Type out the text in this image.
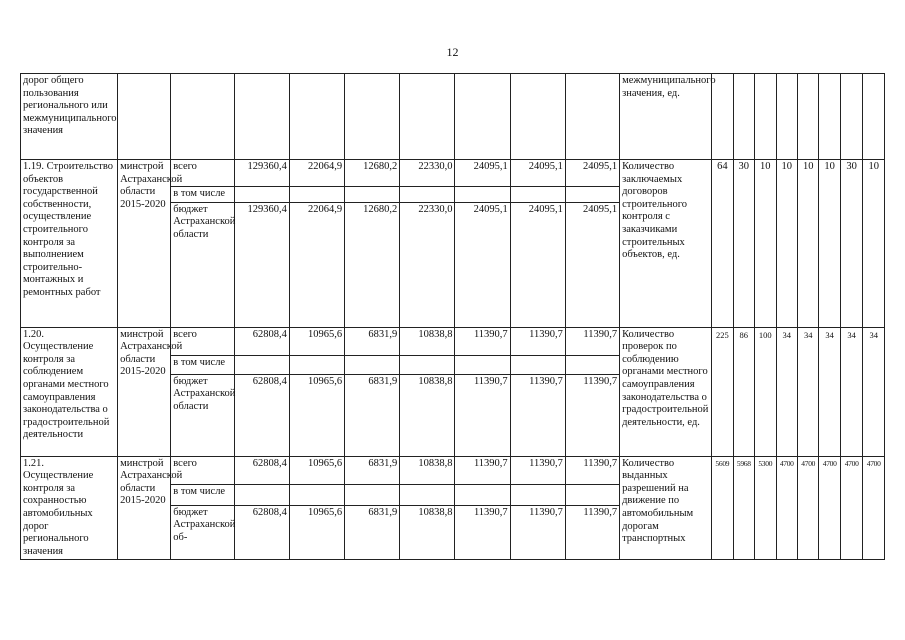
12
дорог общего пользования регионального или межмуниципального значения										межмуниципального значения, ед.								
1.19. Строительство объектов государственной собственности, осуществление строительного контроля за выполнением строительно-монтажных и ремонтных работ	минстрой Астраханской области 2015-2020	всего	129360,4	22064,9	12680,2	22330,0	24095,1	24095,1	24095,1	Количество заключаемых договоров строительного контроля с заказчиками строительных объектов, ед.	64	30	10	10	10	10	30	10
		в том числе																
		бюджет Астраханской области	129360,4	22064,9	12680,2	22330,0	24095,1	24095,1	24095,1									
1.20. Осуществление контроля за соблюдением органами местного самоуправления законодательства о градостроительной деятельности	минстрой Астраханской области 2015-2020	всего	62808,4	10965,6	6831,9	10838,8	11390,7	11390,7	11390,7	Количество проверок по соблюдению органами местного самоуправления законодательства о градостроительной деятельности, ед.	225	86	100	34	34	34	34	34
		в том числе																
		бюджет Астраханской области	62808,4	10965,6	6831,9	10838,8	11390,7	11390,7	11390,7									
1.21. Осуществление контроля за сохранностью автомобильных дорог регионального значения	минстрой Астраханской области 2015-2020	всего	62808,4	10965,6	6831,9	10838,8	11390,7	11390,7	11390,7	Количество выданных разрешений на движение по автомобильным дорогам транспортных	5609	5968	5300	4700	4700	4700	4700	4700
		в том числе																
		бюджет Астраханской об-	62808,4	10965,6	6831,9	10838,8	11390,7	11390,7	11390,7									
